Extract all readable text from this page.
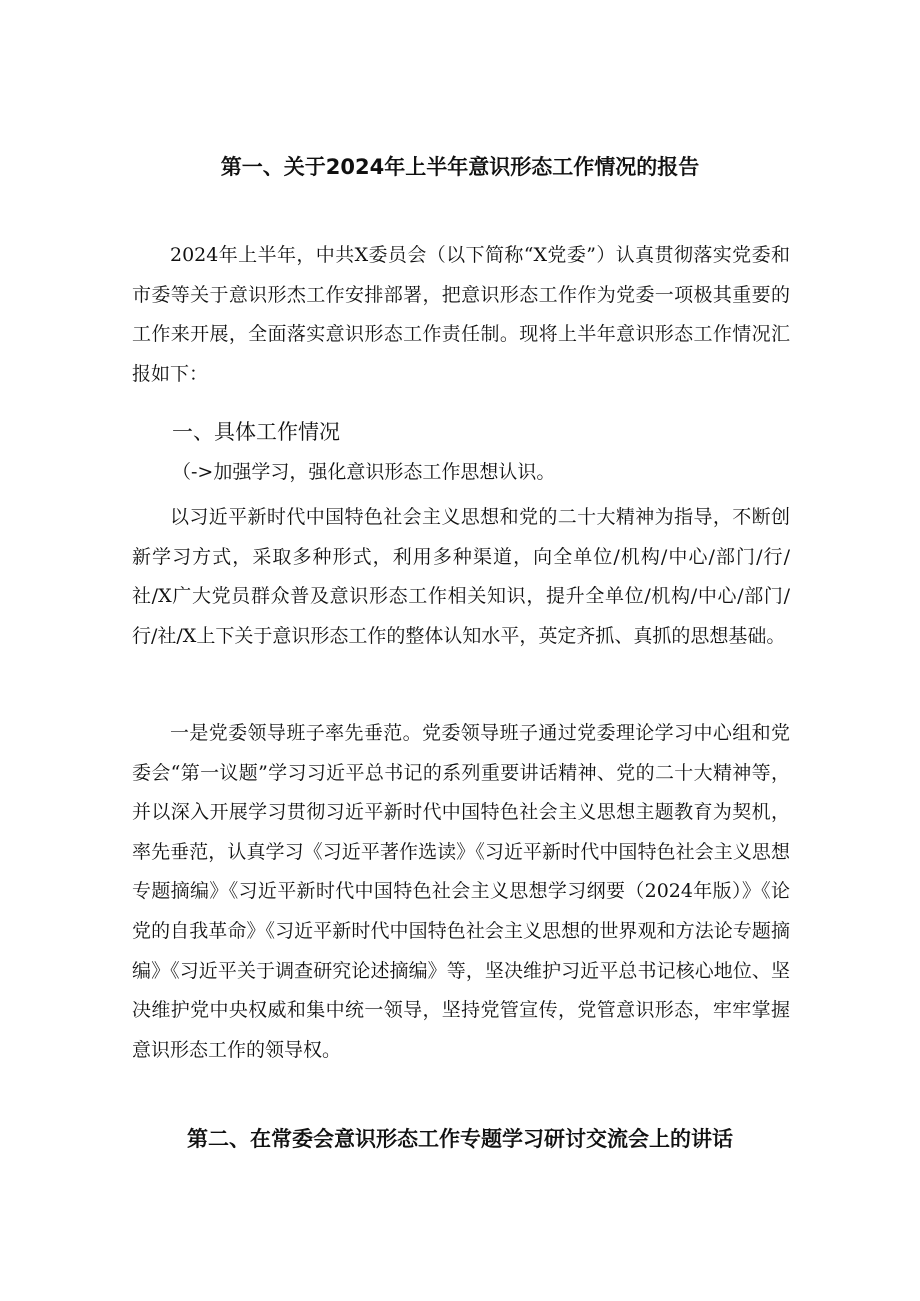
第一、关于2024年上半年意识形态工作情况的报告

2024年上半年，中共X委员会（以下简称“X党委”）认真贯彻落实党委和市委等关于意识形杰工作安排部署，把意识形态工作作为党委一项极其重要的工作来开展，全面落实意识形态工作责任制。现将上半年意识形态工作情况汇报如下：

一、具体工作情况
（->加强学习，强化意识形态工作思想认识。

以习近平新时代中国特色社会主义思想和党的二十大精神为指导，不断创新学习方式，采取多种形式，利用多种渠道，向全单位/机构/中心/部门/行/社/X广大党员群众普及意识形态工作相关知识，提升全单位/机构/中心/部门/行/社/X上下关于意识形态工作的整体认知水平，英定齐抓、真抓的思想基础。

一是党委领导班子率先垂范。党委领导班子通过党委理论学习中心组和党委会“第一议题”学习习近平总书记的系列重要讲话精神、党的二十大精神等，并以深入开展学习贯彻习近平新时代中国特色社会主义思想主题教育为契机，率先垂范，认真学习《习近平著作选读》《习近平新时代中国特色社会主义思想专题摘编》《习近平新时代中国特色社会主义思想学习纲要（2024年版）》《论党的自我革命》《习近平新时代中国特色社会主义思想的世界观和方法论专题摘编》《习近平关于调查研究论述摘编》等，坚决维护习近平总书记核心地位、坚决维护党中央权威和集中统一领导，坚持党管宣传，党管意识形态，牢牢掌握意识形态工作的领导权。

第二、在常委会意识形态工作专题学习研讨交流会上的讲话
